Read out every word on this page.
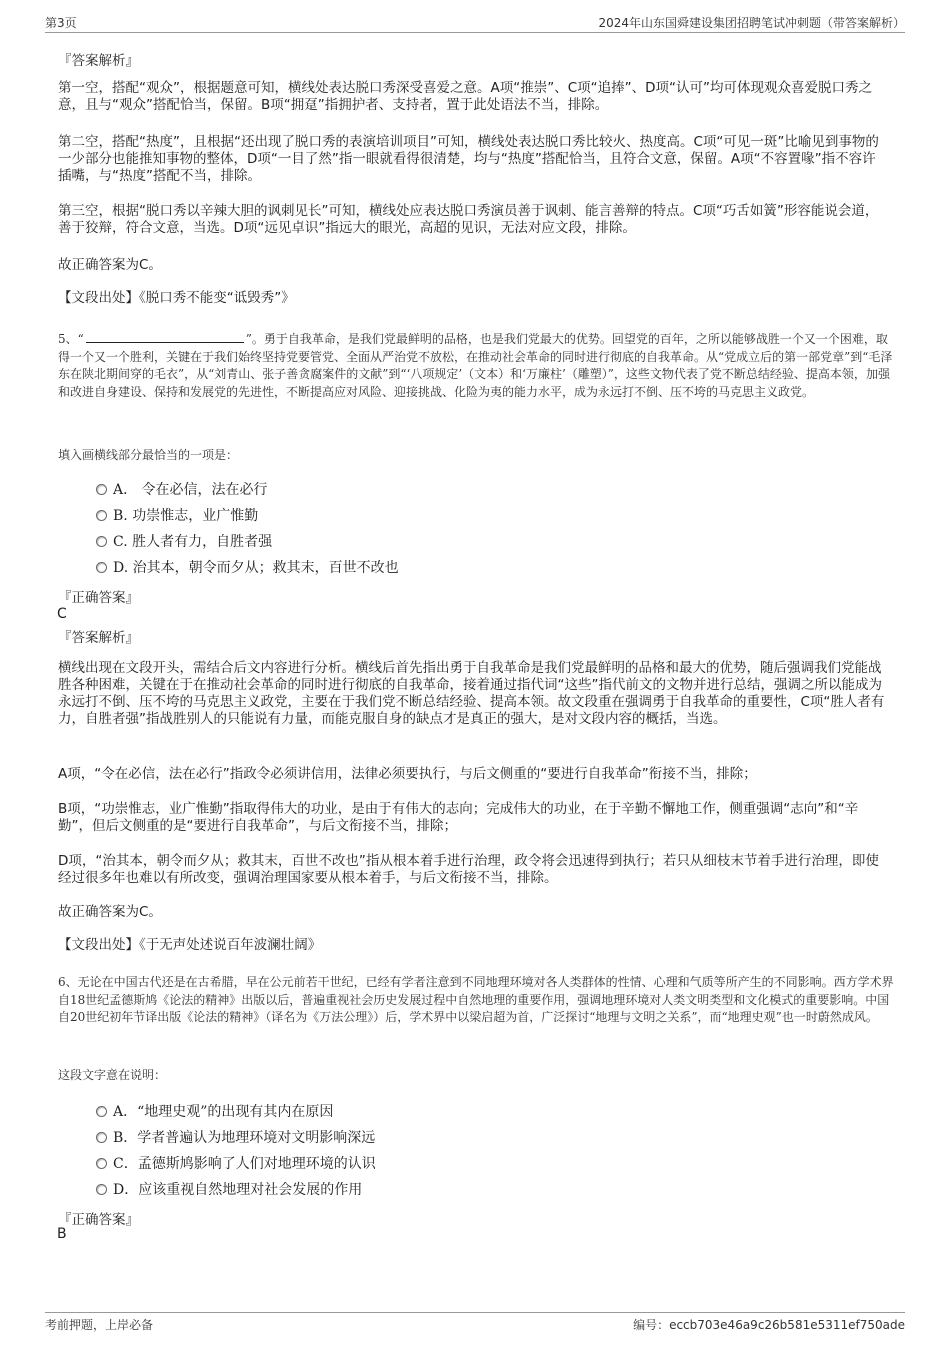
第3页	2024年山东国舜建设集团招聘笔试冲刺题（带答案解析）
『答案解析』
第一空，搭配“观众”，根据题意可知，横线处表达脱口秀深受喜爱之意。A项“推崇”、C项“追捧”、D项“认可”均可体现观众喜爱脱口秀之意，且与“观众”搭配恰当，保留。B项“拥趸”指拥护者、支持者，置于此处语法不当，排除。
第二空，搭配“热度”，且根据“还出现了脱口秀的表演培训项目”可知，横线处表达脱口秀比较火、热度高。C项“可见一斑”比喻见到事物的一少部分也能推知事物的整体，D项“一目了然”指一眼就看得很清楚，均与“热度”搭配恰当，且符合文意，保留。A项“不容置喙”指不容许插嘴，与“热度”搭配不当，排除。
第三空，根据“脱口秀以辛辣大胆的讽刺见长”可知，横线处应表达脱口秀演员善于讽刺、能言善辩的特点。C项“巧舌如簧”形容能说会道，善于狡辩，符合文意，当选。D项“远见卓识”指远大的眼光，高超的见识，无法对应文段，排除。
故正确答案为C。
【文段出处】《脱口秀不能变“诋毁秀”》
5、“	”。勇于自我革命，是我们党最鲜明的品格，也是我们党最大的优势。回望党的百年，之所以能够战胜一个又一个困难，取得一个又一个胜利，关键在于我们始终坚持党要管党、全面从严治党不放松，在推动社会革命的同时进行彻底的自我革命。从“党成立后的第一部党章”到“毛泽东在陕北期间穿的毛衣”，从“刘青山、张子善贪腐案件的文献”到“‘八项规定’（文本）和‘万廉柱’（雕塑）”，这些文物代表了党不断总结经验、提高本领，加强和改进自身建设、保持和发展党的先进性，不断提高应对风险、迎接挑战、化险为夷的能力水平，成为永远打不倒、压不垮的马克思主义政党。
填入画横线部分最恰当的一项是：
A． 令在必信，法在必行
B. 功崇惟志，业广惟勤
C. 胜人者有力，自胜者强
D. 治其本，朝令而夕从；救其末，百世不改也
『正确答案』
C
『答案解析』
横线出现在文段开头，需结合后文内容进行分析。横线后首先指出勇于自我革命是我们党最鲜明的品格和最大的优势，随后强调我们党能战胜各种困难，关键在于在推动社会革命的同时进行彻底的自我革命，接着通过指代词“这些”指代前文的文物并进行总结，强调之所以能成为永远打不倒、压不垮的马克思主义政党，主要在于我们党不断总结经验、提高本领。故文段重在强调勇于自我革命的重要性，C项“胜人者有力，自胜者强”指战胜别人的只能说有力量，而能克服自身的缺点才是真正的强大，是对文段内容的概括，当选。
A项，“令在必信，法在必行”指政令必须讲信用，法律必须要执行，与后文侧重的“要进行自我革命”衔接不当，排除；
B项，“功崇惟志，业广惟勤”指取得伟大的功业，是由于有伟大的志向；完成伟大的功业，在于辛勤不懈地工作，侧重强调“志向”和“辛勤”，但后文侧重的是“要进行自我革命”，与后文衔接不当，排除；
D项，“治其本，朝令而夕从；救其末，百世不改也”指从根本着手进行治理，政令将会迅速得到执行；若只从细枝末节着手进行治理，即使经过很多年也难以有所改变，强调治理国家要从根本着手，与后文衔接不当，排除。
故正确答案为C。
【文段出处】《于无声处述说百年波澜壮阔》
6、无论在中国古代还是在古希腊，早在公元前若干世纪，已经有学者注意到不同地理环境对各人类群体的性情、心理和气质等所产生的不同影响。西方学术界自18世纪孟德斯鸠《论法的精神》出版以后，普遍重视社会历史发展过程中自然地理的重要作用，强调地理环境对人类文明类型和文化模式的重要影响。中国自20世纪初年节译出版《论法的精神》（译名为《万法公理》）后，学术界中以梁启超为首，广泛探讨“地理与文明之关系”，而“地理史观”也一时蔚然成风。
这段文字意在说明：
A．“地理史观”的出现有其内在原因
B．学者普遍认为地理环境对文明影响深远
C．孟德斯鸠影响了人们对地理环境的认识
D．应该重视自然地理对社会发展的作用
『正确答案』
B
考前押题，上岸必备	编号：eccb703e46a9c26b581e5311ef750ade
